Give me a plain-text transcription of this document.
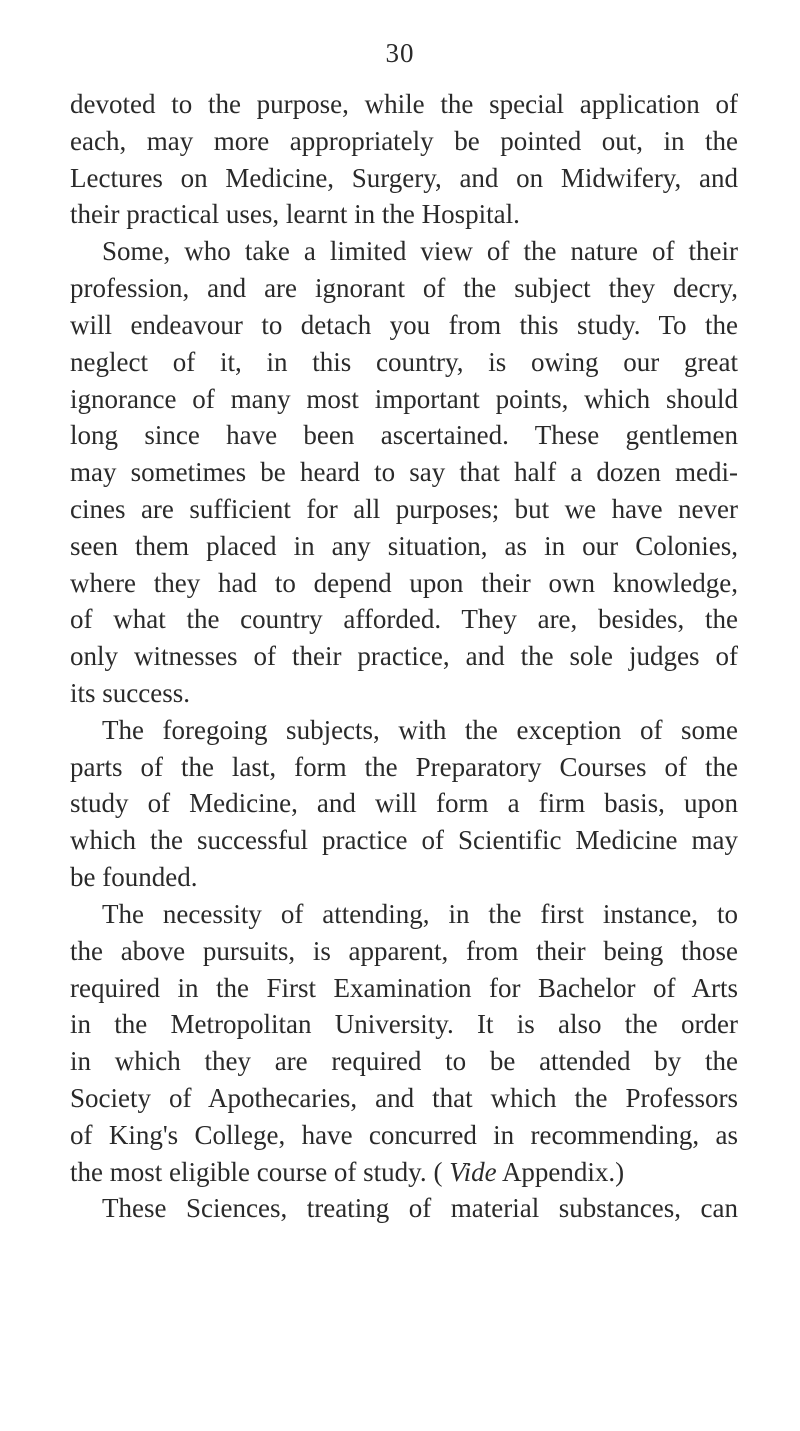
30
devoted to the purpose, while the special application of
each, may more appropriately be pointed out, in the
Lectures on Medicine, Surgery, and on Midwifery, and
their practical uses, learnt in the Hospital.
Some, who take a limited view of the nature of their
profession, and are ignorant of the subject they decry,
will endeavour to detach you from this study. To the
neglect of it, in this country, is owing our great
ignorance of many most important points, which should
long since have been ascertained. These gentlemen
may sometimes be heard to say that half a dozen medi-
cines are sufficient for all purposes; but we have never
seen them placed in any situation, as in our Colonies,
where they had to depend upon their own knowledge,
of what the country afforded. They are, besides, the
only witnesses of their practice, and the sole judges of
its success.
The foregoing subjects, with the exception of some
parts of the last, form the Preparatory Courses of the
study of Medicine, and will form a firm basis, upon
which the successful practice of Scientific Medicine may
be founded.
The necessity of attending, in the first instance, to
the above pursuits, is apparent, from their being those
required in the First Examination for Bachelor of Arts
in the Metropolitan University. It is also the order
in which they are required to be attended by the
Society of Apothecaries, and that which the Professors
of King's College, have concurred in recommending, as
the most eligible course of study. ( Vide Appendix.)
These Sciences, treating of material substances, can
